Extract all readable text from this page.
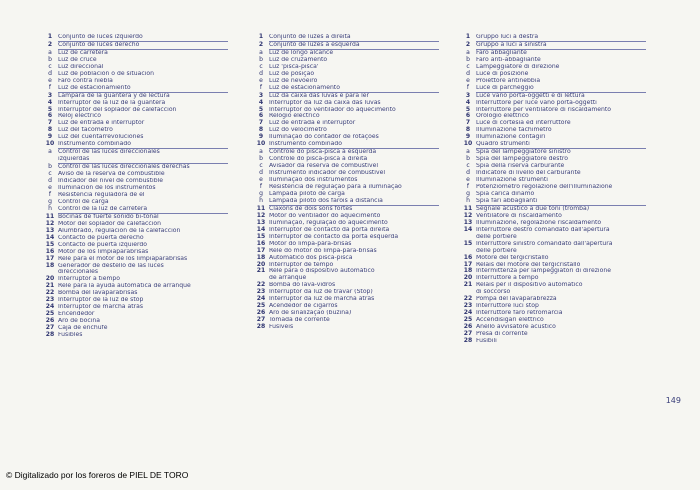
1 Conjunto de luces izquierdo
2 Conjunto de luces derecho
a	Luz de carretera
b Luz de cruce
c	Luz direccional
d Luz de población o de situación
e	Faro contra niebla
f	Luz de estacionamiento
3 Lámpara de la guantera y de lectura
4 Interruptor de la luz de la guantera
5 Interruptor del soplador de calefacción
6 Reloj eléctrico
7 Luz de entrada e interruptor
8 Luz del tacómetro
9 Luz del cuentarrevoluciones
10 Instrumento combinado
a	Control de las luces direccionales
izquierdas
b Control de las luces direccionales derechas
c	Aviso de la reserva de combustible
d Indicador del nivel de combustible
e	Iluminación de los instrumentos
f	Resistencia reguladora de el
g Control de carga
h Control de la luz de carretera
11 Bocinas de fuerte sonido bi-tonal
12 Motor del soplador de calefacción
13 Alumbrado, regulación de la calefacción
14 Contacto de puerta derecho
15 Contacto de puerta izquierdo
16 Motor de los limpiaparabrisas
17 Relé para el motor de los limpiaparabrisas
18 Generador de destello de las luces
direccionales
20 Interruptor a tiempo
21 Relé para la ayuda automática de arranque
22 Bomba del lavaparabrisas
23 Interruptor de la luz de stop
24 Interruptor de marcha atrás
25 Encendedor
26 Aro de bocina
27 Caja de enchufe
28 Fusibles
1 Conjunto de luzes à direita
2 Conjunto de luzes à esquerda
a	Luz de longo alcance
b Luz de cruzamento
c	Luz 'pisca-pisca'
d Luz de posição
e	Luz de nevoeiro
f	Luz de estacionamento
3 Luz da caixa das luvas e para ler
4 Interruptor da luz da caixa das luvas
5 Interruptor do ventilador do aquecimento
6 Relógio eléctrico
7 Luz de entrada e interruptor
8 Luz do velocímetro
9 Iluminação do contador de rotações
10 Instrumento combinado
a	Controle do pisca-pisca à esquerda
b Controle do pisca-pisca à direita
c	Avisador da reserva de combustível
d Instrumento indicador de combustível
e	Iluminação dos instrumentos
f	Resistência de regulação para a iluminação
g Lâmpada piloto de carga
h Lâmpada piloto dos faróis a distância
11 Claxons de dois sons fortes
12 Motor do ventilador do aquecimento
13 Iluminação, regulação do aquecimento
14 Interruptor de contacto da porta direita
15 Interruptor de contacto da porta esquerda
16 Motor do limpa-pára-brisas
17 Relé do motor do limpa-pára-brisas
18 Automático dos pisca-pisca
20 Interruptor de tempo
21 Relé para o dispositivo automático
de arranque
22 Bomba do lava-vidros
23 Interruptor da luz de travar (Stop)
24 Interruptor da luz de marcha atrás
25 Acendedor de cigarros
26 Aro de sinalização (buzina)
27 Tomada de corrente
28 Fusíveis
1 Gruppo luci a destra
2 Gruppo a luci a sinistra
a	Faro abbagliante
b Faro anti-abbagliante
c	Lampeggiatore di direzione
d Luce di posizione
e	Proiettore antinebbia
f	Luce di parcheggio
3 Luce vano porta-oggetti e di lettura
4 Interruttore per luce vano porta-oggetti
5 Interruttore per ventilatore di riscaldamento
6 Orologio elettrico
7 Luce di cortesia ed interruttore
8 Illuminazione tachimetro
9 Illuminazione contagiri
10 Quadro strumenti
a	Spia del lampeggiatore sinistro
b Spia del lampeggiatore destro
c	Spia della riserva carburante
d Indicatore di livello del carburante
e	Illuminazione strumenti
f	Potenziometro regolazione dell'illuminazione
g Spia carica dinamo
h Spia fari abbaglianti
11 Segnale acustico a due toni (tromba)
12 Ventilatore di riscaldamento
13 Illuminazione, regolazione riscaldamento
14 Interruttore destro comandato dall'apertura
delle portiere
15 Interruttore sinistro comandato dall'apertura
delle portiere
16 Motore del tergicristallo
17 Relais del motore del tergicristallo
18 Intermittenza per lampeggiatori di direzione
20 Interruttore a tempo
21 Relais per il dispositivo automatico
di soccorso
22 Pompa del lavaparabrezza
23 Interruttore luci stop
24 Interruttore faro retromarcia
25 Accendisigari elettrico
26 Anello avvisatore acustico
27 Presa di corrente
28 Fusibili
149
© Digitalizado por los foreros de PIEL DE TORO
